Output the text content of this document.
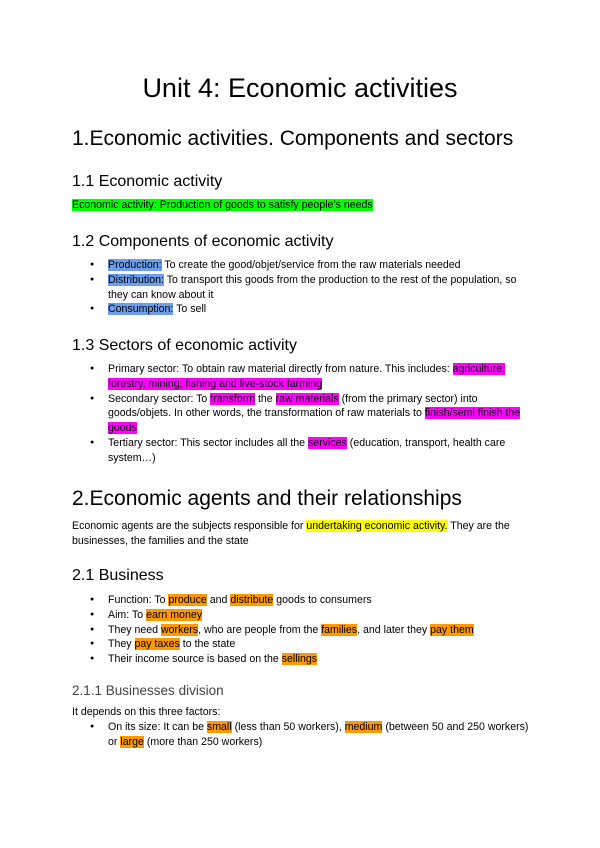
Unit 4: Economic activities
1.Economic activities. Components and sectors
1.1 Economic activity
Economic activity: Production of goods to satisfy people’s needs
1.2 Components of economic activity
● Production: To create the good/objet/service from the raw materials needed
● Distribution: To transport this goods from the production to the rest of the population, so they can know about it
● Consumption: To sell
1.3 Sectors of economic activity
● Primary sector: To obtain raw material directly from nature. This includes: agriculture, forestry, mining, fishing and live-stock farming
● Secondary sector: To transform the raw materials (from the primary sector) into goods/objets. In other words, the transformation of raw materials to finish/semi finish the goods
● Tertiary sector: This sector includes all the services (education, transport, health care system…)
2.Economic agents and their relationships
Economic agents are the subjects responsible for undertaking economic activity. They are the businesses, the families and the state
2.1 Business
● Function: To produce and distribute goods to consumers
● Aim: To earn money
● They need workers, who are people from the families, and later they pay them
● They pay taxes to the state
● Their income source is based on the sellings
2.1.1 Businesses division
It depends on this three factors:
● On its size: It can be small (less than 50 workers), medium (between 50 and 250 workers) or large (more than 250 workers)
